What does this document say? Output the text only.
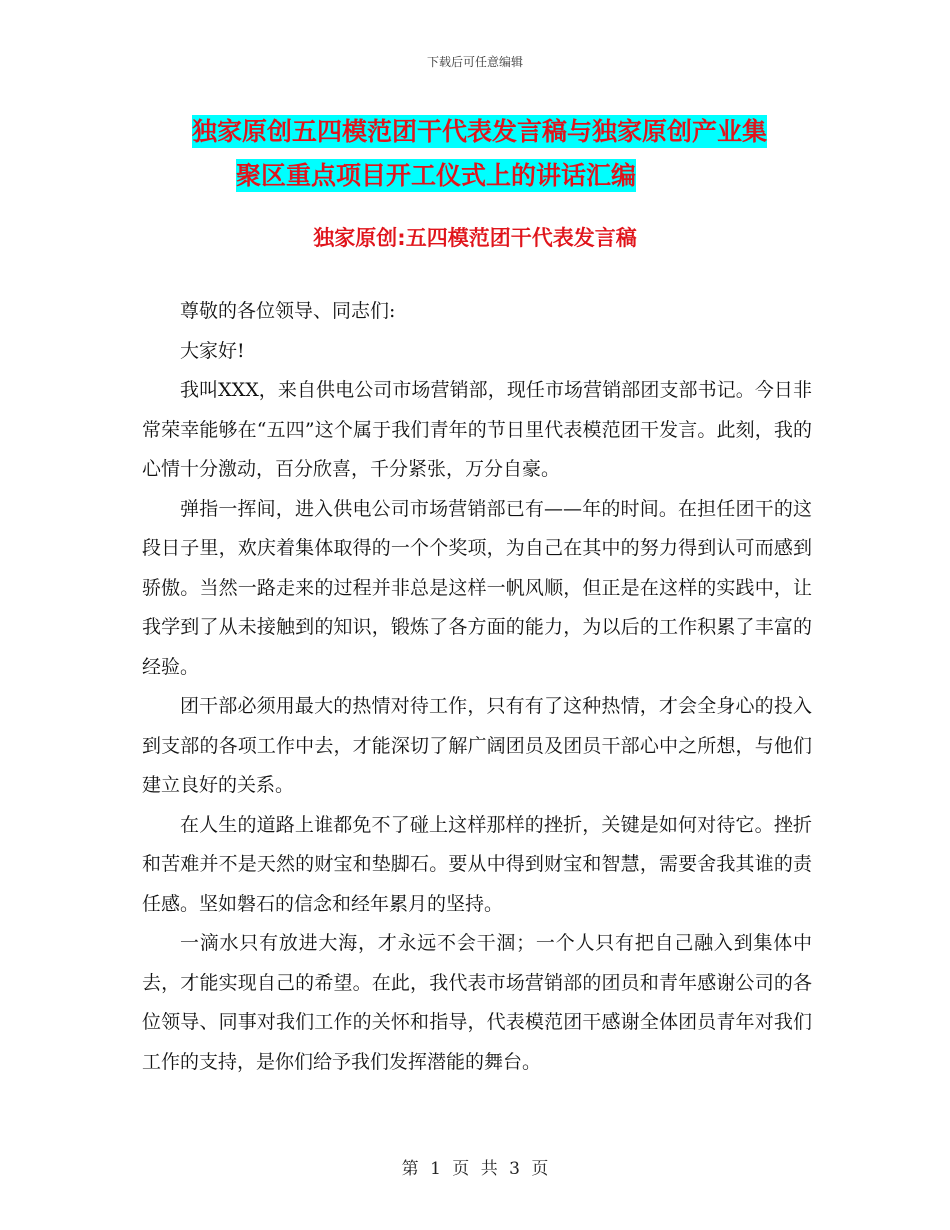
下载后可任意编辑
独家原创五四模范团干代表发言稿与独家原创产业集
聚区重点项目开工仪式上的讲话汇编
独家原创:五四模范团干代表发言稿

尊敬的各位领导、同志们:

大家好!

我叫XXX，来自供电公司市场营销部，现任市场营销部团支部书记。今日非常荣幸能够在“五四”这个属于我们青年的节日里代表模范团干发言。此刻，我的心情十分激动，百分欣喜，千分紧张，万分自豪。

弹指一挥间，进入供电公司市场营销部已有——年的时间。在担任团干的这段日子里，欢庆着集体取得的一个个奖项，为自己在其中的努力得到认可而感到骄傲。当然一路走来的过程并非总是这样一帆风顺，但正是在这样的实践中，让我学到了从未接触到的知识，锻炼了各方面的能力，为以后的工作积累了丰富的经验。

团干部必须用最大的热情对待工作，只有有了这种热情，才会全身心的投入到支部的各项工作中去，才能深切了解广阔团员及团员干部心中之所想，与他们建立良好的关系。

在人生的道路上谁都免不了碰上这样那样的挫折，关键是如何对待它。挫折和苦难并不是天然的财宝和垫脚石。要从中得到财宝和智慧，需要舍我其谁的责任感。坚如磐石的信念和经年累月的坚持。

一滴水只有放进大海，才永远不会干涸；一个人只有把自己融入到集体中去，才能实现自己的希望。在此，我代表市场营销部的团员和青年感谢公司的各位领导、同事对我们工作的关怀和指导，代表模范团干感谢全体团员青年对我们工作的支持，是你们给予我们发挥潜能的舞台。

第 1 页 共 3 页
